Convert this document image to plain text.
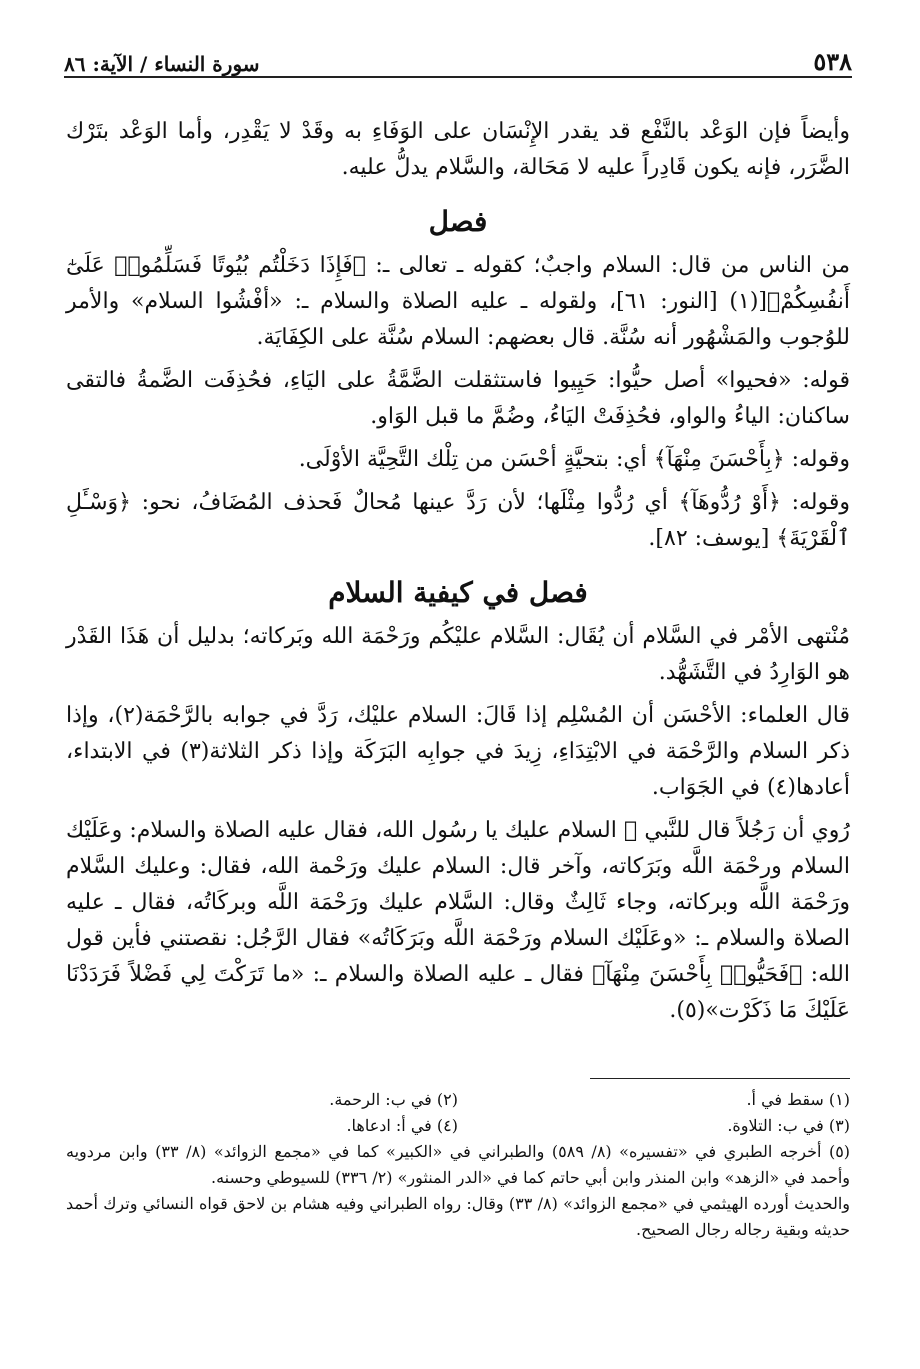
٥٣٨
سورة النساء / الآية: ٨٦

وأيضاً فإن الوَعْد بالنَّفْع قد يقدر الإِنْسَان على الوَفَاءِ به وقَدْ لا يَقْدِر، وأما الوَعْد بتَرْك الضَّرَر، فإنه يكون قَادِراً عليه لا مَحَالة، والسَّلام يدلُّ عليه.

فصل

من الناس من قال: السلام واجبٌ؛ كقوله ـ تعالى ـ: ﴿فَإِذَا دَخَلْتُم بُيُوتًا فَسَلِّمُوا۟ عَلَىٰٓ أَنفُسِكُمْ﴾[(١) [النور: ٦١]، ولقوله ـ عليه الصلاة والسلام ـ: «أفْشُوا السلام» والأمر للوُجوب والمَشْهُور أنه سُنَّة. قال بعضهم: السلام سُنَّة على الكِفَايَة.

قوله: «فحيوا» أصل حيُّوا: حَيِيوا فاستثقلت الضَّمَّةُ على اليَاءِ، فحُذِفَت الضَّمةُ فالتقى ساكنان: الياءُ والواو، فحُذِفَتْ اليَاءُ، وضُمَّ ما قبل الوَاو.

وقوله: ﴿بِأَحْسَنَ مِنْهَآ﴾ أي: بتحيَّةٍ أحْسَن من تِلْك التَّحِيَّة الأوْلَى.

وقوله: ﴿أَوْ رُدُّوهَآ﴾ أي رُدُّوا مِثْلَها؛ لأن رَدَّ عينها مُحالٌ فَحذف المُضَافُ، نحو: ﴿وَسْـَٔلِ ٱلْقَرْيَةَ﴾ [يوسف: ٨٢].

فصل في كيفية السلام

مُنْتهى الأمْر في السَّلام أن يُقَال: السَّلام عليْكُم ورَحْمَة الله وبَركاته؛ بدليل أن هَذَا القَدْر هو الوَارِدُ في التَّشَهُّد.

قال العلماء: الأحْسَن أن المُسْلِم إذا قَالَ: السلام عليْك، رَدَّ في جوابه بالرَّحْمَة(٢)، وإذا ذكر السلام والرَّحْمَة في الابْتِدَاءِ، زِيدَ في جوابِه البَرَكَة وإذا ذكر الثلاثة(٣) في الابتداء، أعادها(٤) في الجَوَاب.

رُوي أن رَجُلاً قال للنَّبي ﷺ السلام عليك يا رسُول الله، فقال عليه الصلاة والسلام: وعَلَيْك السلام ورحْمَة اللَّه وبَرَكاته، وآخر قال: السلام عليك ورَحْمة الله، فقال: وعليك السَّلام ورَحْمَة اللَّه وبركاته، وجاء ثَالِثٌ وقال: السَّلام عليك ورَحْمَة اللَّه وبركَاتُه، فقال ـ عليه الصلاة والسلام ـ: «وعَلَيْك السلام ورَحْمَة اللَّه وبَرَكَاتُه» فقال الرَّجُل: نقصتني فأين قول الله: ﴿فَحَيُّوا۟ بِأَحْسَنَ مِنْهَآ﴾ فقال ـ عليه الصلاة والسلام ـ: «ما تَرَكْتَ لِي فَضْلاً فَرَدَدْنَا عَلَيْكَ مَا ذَكَرْت»(٥).

(١) سقط في أ.
(٢) في ب: الرحمة.
(٣) في ب: التلاوة.
(٤) في أ: ادعاها.

(٥) أخرجه الطبري في «تفسيره» (٨/ ٥٨٩) والطبراني في «الكبير» كما في «مجمع الزوائد» (٨/ ٣٣) وابن مردويه وأحمد في «الزهد» وابن المنذر وابن أبي حاتم كما في «الدر المنثور» (٢/ ٣٣٦) للسيوطي وحسنه.

والحديث أورده الهيثمي في «مجمع الزوائد» (٨/ ٣٣) وقال: رواه الطبراني وفيه هشام بن لاحق قواه النسائي وترك أحمد حديثه وبقية رجاله رجال الصحيح.
